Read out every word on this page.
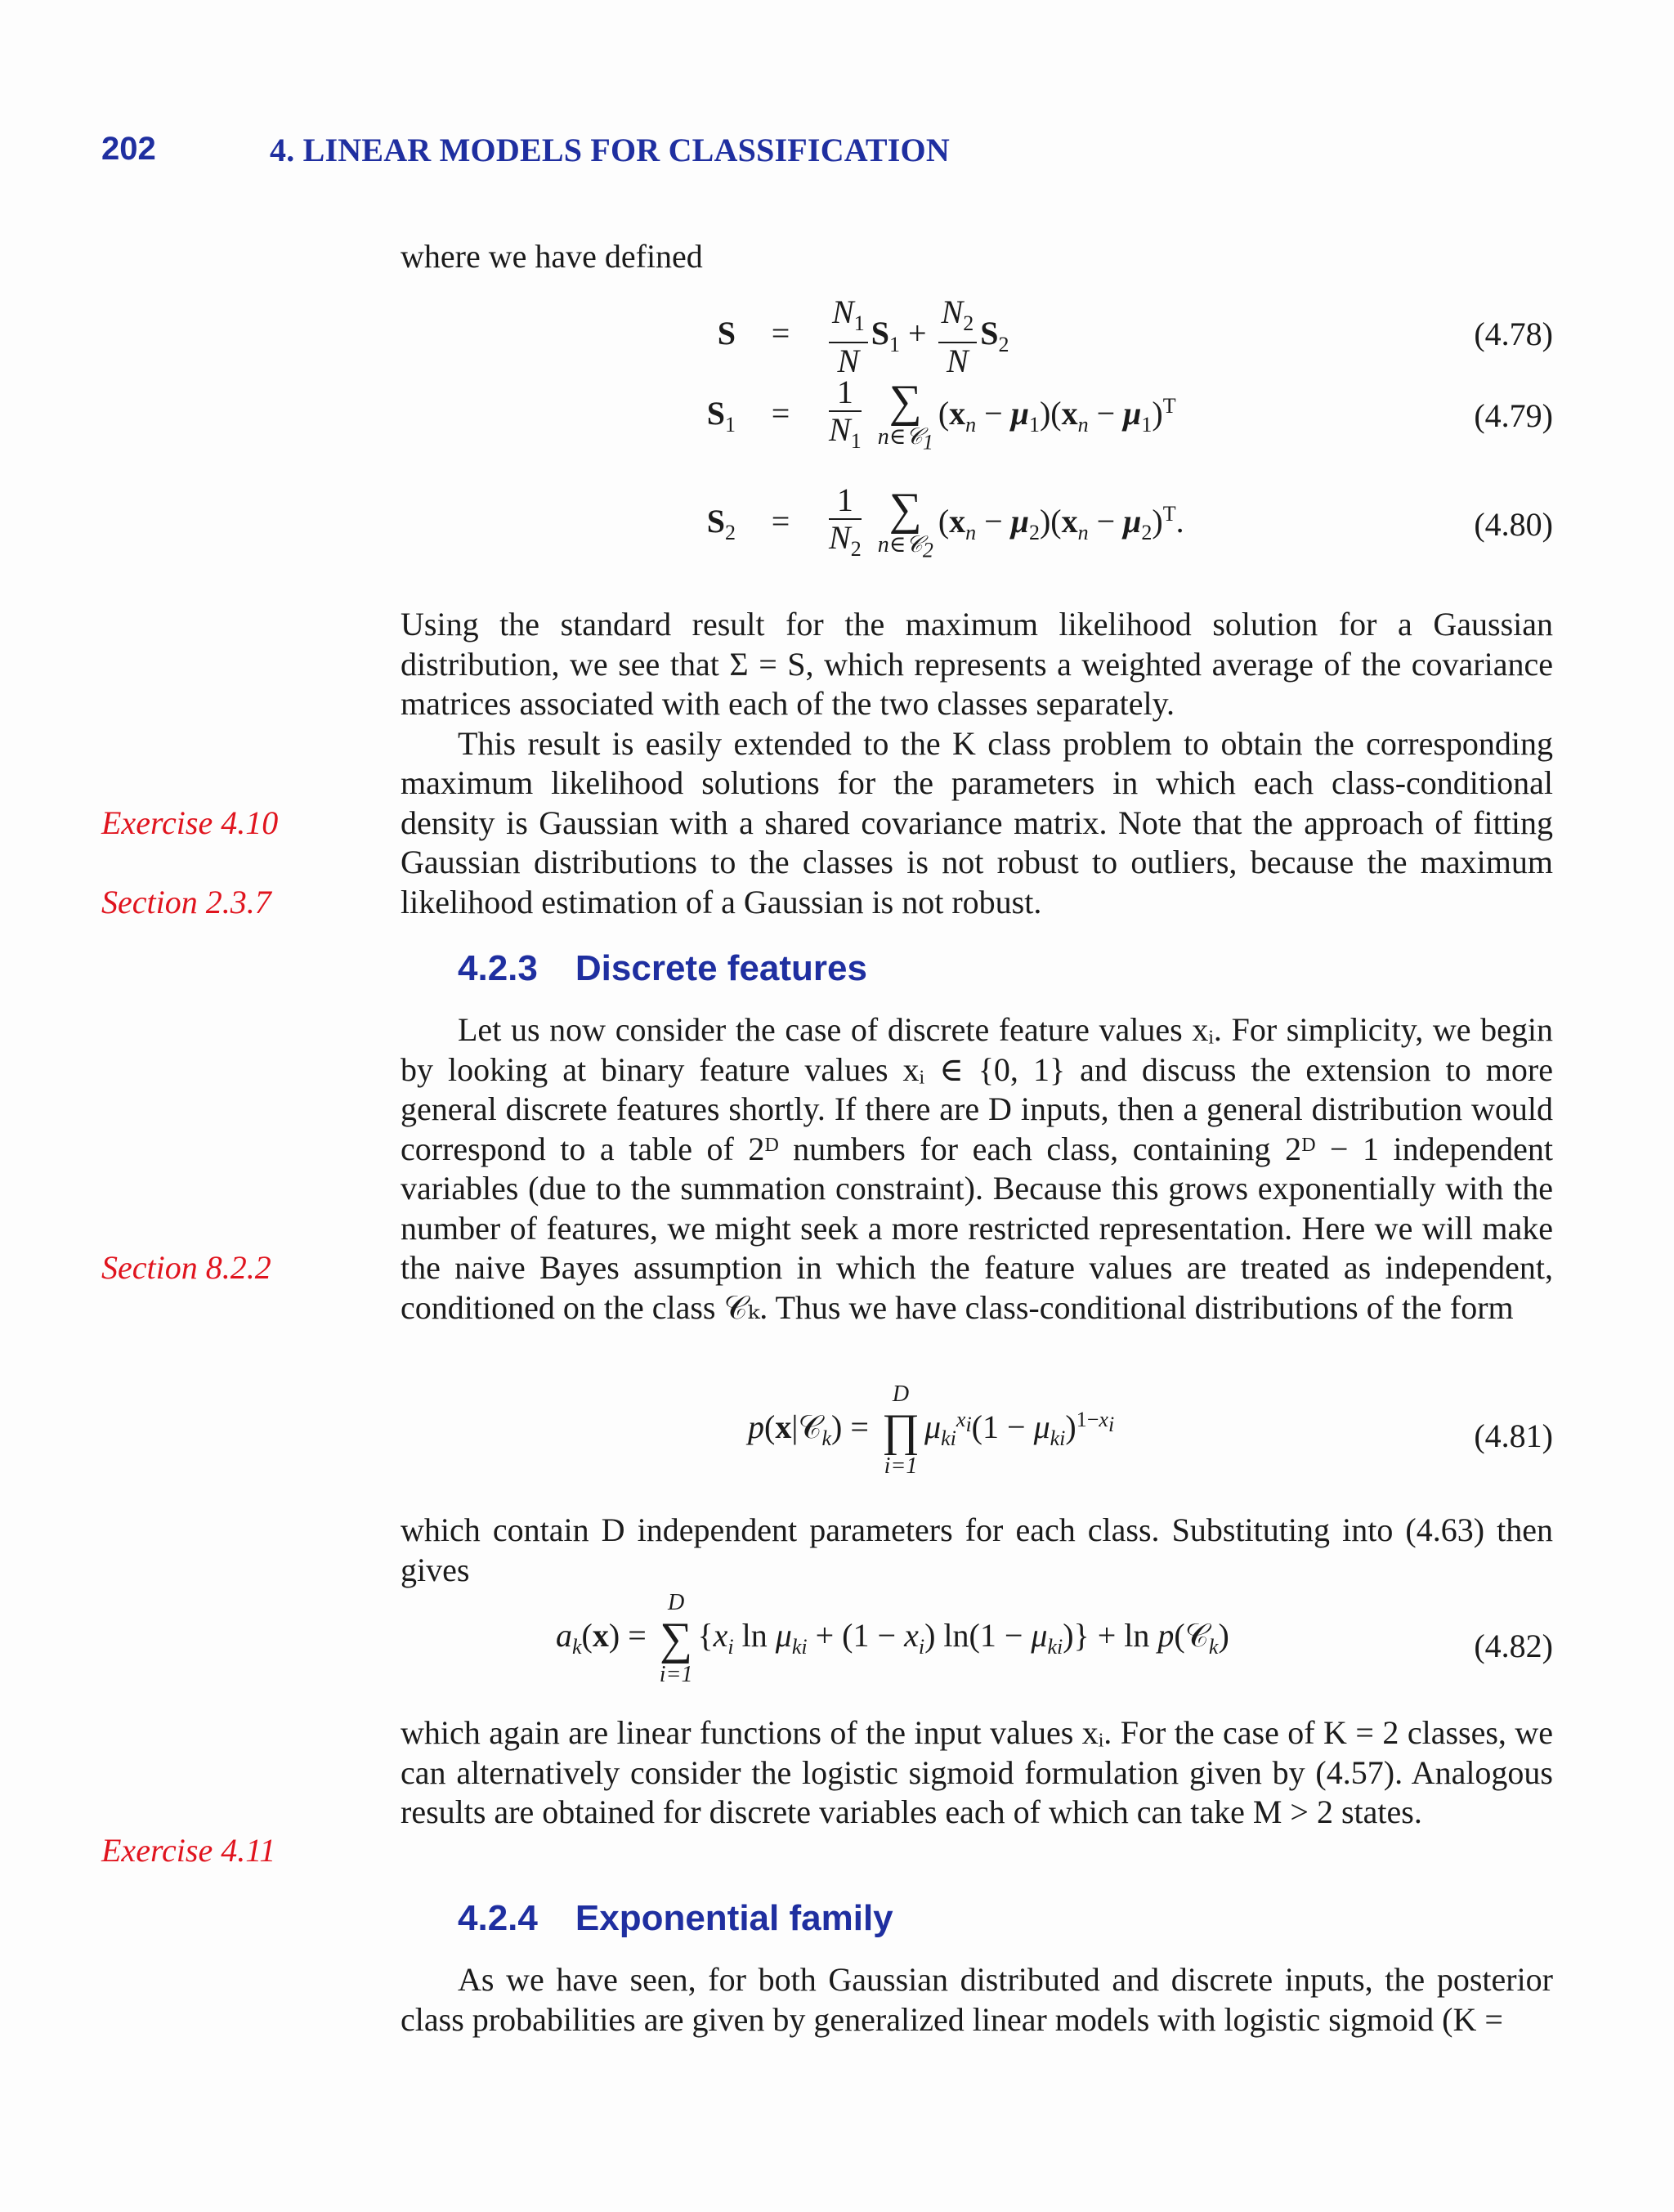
202	4. LINEAR MODELS FOR CLASSIFICATION
where we have defined
$S = \frac{N_1}{N} S_1 + \frac{N_2}{N} S_2$	(4.78)
$S_1 = \frac{1}{N_1}$
∑
n∈𝒞$_1$
$(x_n - \mu_1)(x_n - \mu_1)^T$	(4.79)
$S_2 = \frac{1}{N_2}$
∑
n∈𝒞$_2$
$(x_n - \mu_2)(x_n - \mu_2)^T$.	(4.80)

Using the standard result for the maximum likelihood solution for a Gaussian distribution, we see that Σ = S, which represents a weighted average of the covariance matrices associated with each of the two classes separately.

This result is easily extended to the K class problem to obtain the corresponding maximum likelihood solutions for the parameters in which each class-conditional density is Gaussian with a shared covariance matrix. Note that the approach of fitting Gaussian distributions to the classes is not robust to outliers, because the maximum likelihood estimation of a Gaussian is not robust.

Exercise 4.10
Section 2.3.7
4.2.3 Discrete features

Let us now consider the case of discrete feature values xᵢ. For simplicity, we begin by looking at binary feature values xᵢ ∈ {0, 1} and discuss the extension to more general discrete features shortly. If there are D inputs, then a general distribution would correspond to a table of 2ᴰ numbers for each class, containing 2ᴰ − 1 independent variables (due to the summation constraint). Because this grows exponentially with the number of features, we might seek a more restricted representation. Here we will make the naive Bayes assumption in which the feature values are treated as independent, conditioned on the class 𝒞ₖ. Thus we have class-conditional distributions of the form

Section 8.2.2
p(x|𝒞$_k$) =
D
∏
i=1
$\mu_{ki}^{x_i}(1 - \mu_{ki})^{1-x_i}$	(4.81)

which contain D independent parameters for each class. Substituting into (4.63) then gives

$a_k(x)$ =
D
∑
i=1
{$x_i$ $\ln \mu_{ki} + (1 - x_i) \ln(1 - \mu_{ki})\} + \ln$ p(𝒞$_k$)	(4.82)

which again are linear functions of the input values xᵢ. For the case of K = 2 classes, we can alternatively consider the logistic sigmoid formulation given by (4.57). Analogous results are obtained for discrete variables each of which can take M > 2 states.

Exercise 4.11
4.2.4 Exponential family

As we have seen, for both Gaussian distributed and discrete inputs, the posterior class probabilities are given by generalized linear models with logistic sigmoid (K =
